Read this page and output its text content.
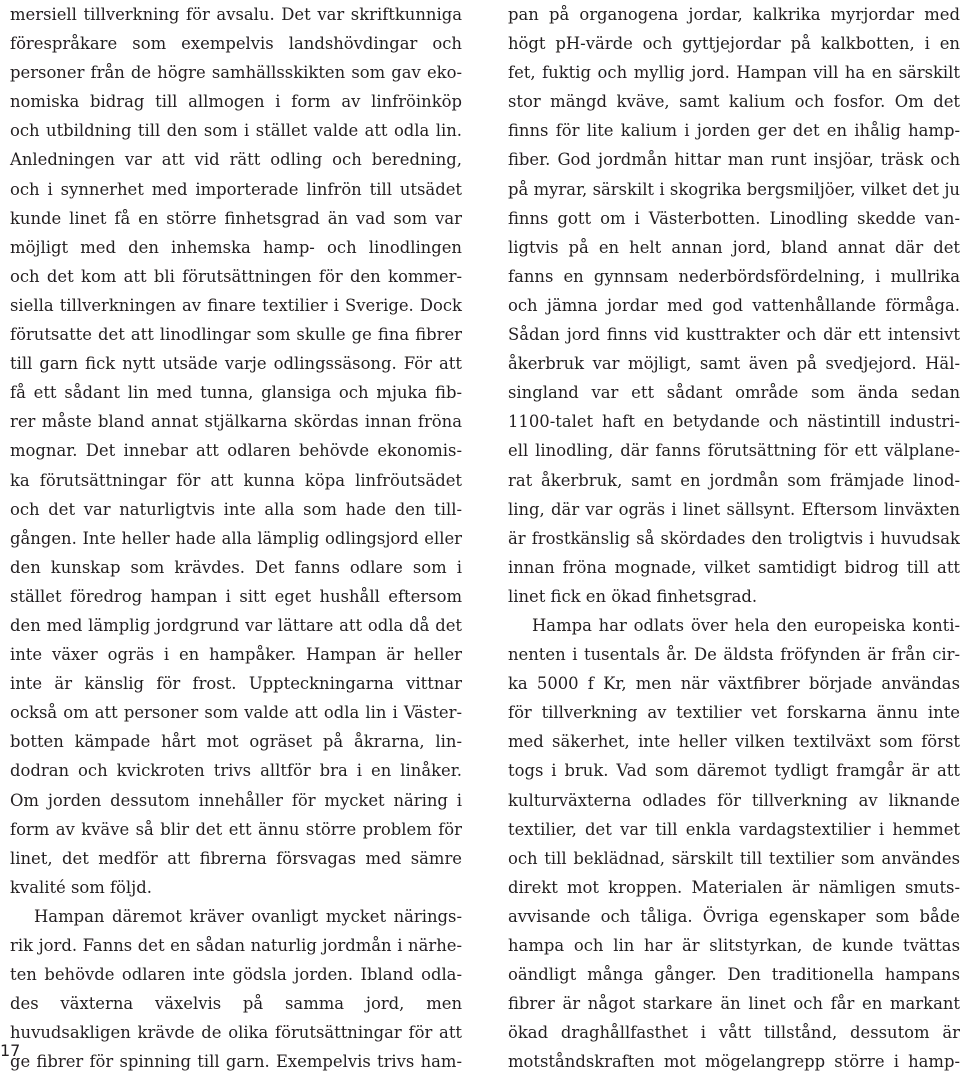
mersiell tillverkning för avsalu. Det var skriftkunniga
förespråkare som exempelvis landshövdingar och
personer från de högre samhällsskikten som gav eko-
nomiska bidrag till allmogen i form av linfröinköp
och utbildning till den som i stället valde att odla lin.
Anledningen var att vid rätt odling och beredning,
och i synnerhet med importerade linfrön till utsädet
kunde linet få en större finhetsgrad än vad som var
möjligt med den inhemska hamp- och linodlingen
och det kom att bli förutsättningen för den kommer-
siella tillverkningen av finare textilier i Sverige. Dock
förutsatte det att linodlingar som skulle ge fina fibrer
till garn fick nytt utsäde varje odlingssäsong. För att
få ett sådant lin med tunna, glansiga och mjuka fib-
rer måste bland annat stjälkarna skördas innan fröna
mognar. Det innebar att odlaren behövde ekonomis-
ka förutsättningar för att kunna köpa linfröutsädet
och det var naturligtvis inte alla som hade den till-
gången. Inte heller hade alla lämplig odlingsjord eller
den kunskap som krävdes. Det fanns odlare som i
stället föredrog hampan i sitt eget hushåll eftersom
den med lämplig jordgrund var lättare att odla då det
inte växer ogräs i en hampåker. Hampan är heller
inte är känslig för frost. Uppteckningarna vittnar
också om att personer som valde att odla lin i Väster-
botten kämpade hårt mot ogräset på åkrarna, lin-
dodran och kvickroten trivs alltför bra i en linåker.
Om jorden dessutom innehåller för mycket näring i
form av kväve så blir det ett ännu större problem för
linet, det medför att fibrerna försvagas med sämre
kvalité som följd.
Hampan däremot kräver ovanligt mycket närings-
rik jord. Fanns det en sådan naturlig jordmån i närhe-
ten behövde odlaren inte gödsla jorden. Ibland odla-
des växterna växelvis på samma jord, men
huvudsakligen krävde de olika förutsättningar för att
ge fibrer för spinning till garn. Exempelvis trivs ham-
pan på organogena jordar, kalkrika myrjordar med
högt pH-värde och gyttjejordar på kalkbotten, i en
fet, fuktig och myllig jord. Hampan vill ha en särskilt
stor mängd kväve, samt kalium och fosfor. Om det
finns för lite kalium i jorden ger det en ihålig hamp-
fiber. God jordmån hittar man runt insjöar, träsk och
på myrar, särskilt i skogrika bergsmiljöer, vilket det ju
finns gott om i Västerbotten. Linodling skedde van-
ligtvis på en helt annan jord, bland annat där det
fanns en gynnsam nederbördsfördelning, i mullrika
och jämna jordar med god vattenhållande förmåga.
Sådan jord finns vid kusttrakter och där ett intensivt
åkerbruk var möjligt, samt även på svedjejord. Häl-
singland var ett sådant område som ända sedan
1100-talet haft en betydande och nästintill industri-
ell linodling, där fanns förutsättning för ett välplane-
rat åkerbruk, samt en jordmån som främjade linod-
ling, där var ogräs i linet sällsynt. Eftersom linväxten
är frostkänslig så skördades den troligtvis i huvudsak
innan fröna mognade, vilket samtidigt bidrog till att
linet fick en ökad finhetsgrad.
Hampa har odlats över hela den europeiska konti-
nenten i tusentals år. De äldsta fröfynden är från cir-
ka 5000 f Kr, men när växtfibrer började användas
för tillverkning av textilier vet forskarna ännu inte
med säkerhet, inte heller vilken textilväxt som först
togs i bruk. Vad som däremot tydligt framgår är att
kulturväxterna odlades för tillverkning av liknande
textilier, det var till enkla vardagstextilier i hemmet
och till beklädnad, särskilt till textilier som användes
direkt mot kroppen. Materialen är nämligen smuts-
avvisande och tåliga. Övriga egenskaper som både
hampa och lin har är slitstyrkan, de kunde tvättas
oändligt många gånger. Den traditionella hampans
fibrer är något starkare än linet och får en markant
ökad draghållfasthet i vått tillstånd, dessutom är
motståndskraften mot mögelangrepp större i hamp-
17
